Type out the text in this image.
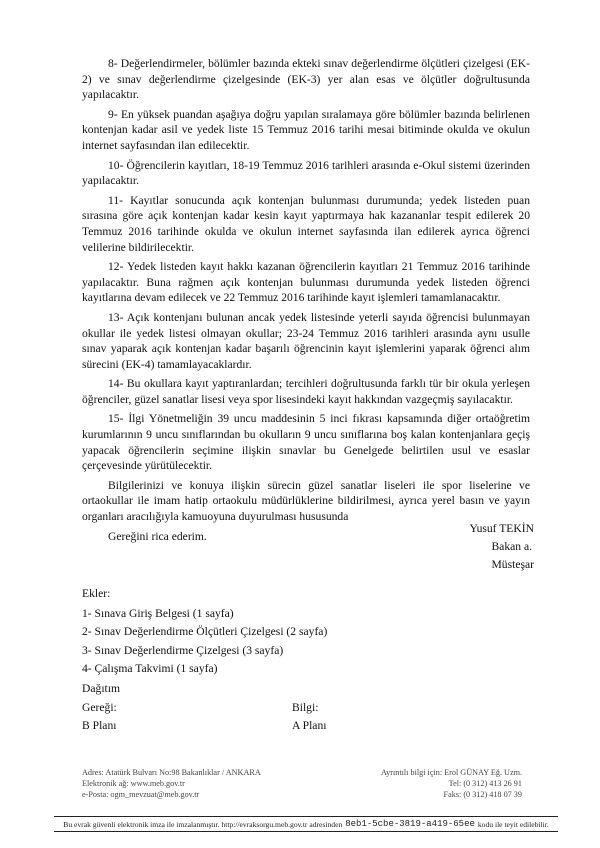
8- Değerlendirmeler, bölümler bazında ekteki sınav değerlendirme ölçütleri çizelgesi (EK-2) ve sınav değerlendirme çizelgesinde (EK-3) yer alan esas ve ölçütler doğrultusunda yapılacaktır.

9- En yüksek puandan aşağıya doğru yapılan sıralamaya göre bölümler bazında belirlenen kontenjan kadar asil ve yedek liste 15 Temmuz 2016 tarihi mesai bitiminde okulda ve okulun internet sayfasından ilan edilecektir.

10- Öğrencilerin kayıtları, 18-19 Temmuz 2016 tarihleri arasında e-Okul sistemi üzerinden yapılacaktır.

11- Kayıtlar sonucunda açık kontenjan bulunması durumunda; yedek listeden puan sırasına göre açık kontenjan kadar kesin kayıt yaptırmaya hak kazananlar tespit edilerek 20 Temmuz 2016 tarihinde okulda ve okulun internet sayfasında ilan edilerek ayrıca öğrenci velilerine bildirilecektir.

12- Yedek listeden kayıt hakkı kazanan öğrencilerin kayıtları 21 Temmuz 2016 tarihinde yapılacaktır. Buna rağmen açık kontenjan bulunması durumunda yedek listeden öğrenci kayıtlarına devam edilecek ve 22 Temmuz 2016 tarihinde kayıt işlemleri tamamlanacaktır.

13- Açık kontenjanı bulunan ancak yedek listesinde yeterli sayıda öğrencisi bulunmayan okullar ile yedek listesi olmayan okullar; 23-24 Temmuz 2016 tarihleri arasında aynı usulle sınav yaparak açık kontenjan kadar başarılı öğrencinin kayıt işlemlerini yaparak öğrenci alım sürecini (EK-4) tamamlayacaklardır.

14- Bu okullara kayıt yaptıranlardan; tercihleri doğrultusunda farklı tür bir okula yerleşen öğrenciler, güzel sanatlar lisesi veya spor lisesindeki kayıt hakkından vazgeçmiş sayılacaktır.

15- İlgi Yönetmeliğin 39 uncu maddesinin 5 inci fıkrası kapsamında diğer ortaöğretim kurumlarının 9 uncu sınıflarından bu okulların 9 uncu sınıflarına boş kalan kontenjanlara geçiş yapacak öğrencilerin seçimine ilişkin sınavlar bu Genelgede belirtilen usul ve esaslar çerçevesinde yürütülecektir.

Bilgilerinizi ve konuya ilişkin sürecin güzel sanatlar liseleri ile spor liselerine ve ortaokullar ile imam hatip ortaokulu müdürlüklerine bildirilmesi, ayrıca yerel basın ve yayın organları aracılığıyla kamuoyuna duyurulması hususunda

Gereğini rica ederim.

Yusuf TEKİN
Bakan a.
Müsteşar
Ekler:
1- Sınava Giriş Belgesi (1 sayfa)
2- Sınav Değerlendirme Ölçütleri Çizelgesi (2 sayfa)
3- Sınav Değerlendirme Çizelgesi (3 sayfa)
4- Çalışma Takvimi (1 sayfa)
Dağıtım
Gereği:	Bilgi:
B Planı	A Planı
Adres: Atatürk Bulvarı No:98 Bakanlıklar / ANKARA
Elektronik ağ: www.meb.gov.tr
e-Posta: ogm_mevzuat@meb.gov.tr
Ayrıntılı bilgi için: Erol GÜNAY Eğ. Uzm.
Tel: (0 312) 413 26 91
Faks: (0 312) 418 07 39
Bu evrak güvenli elektronik imza ile imzalanmıştır. http://evraksorgu.meb.gov.tr adresinden 8eb1-5cbe-3819-a419-65ee kodu ile teyit edilebilir.
